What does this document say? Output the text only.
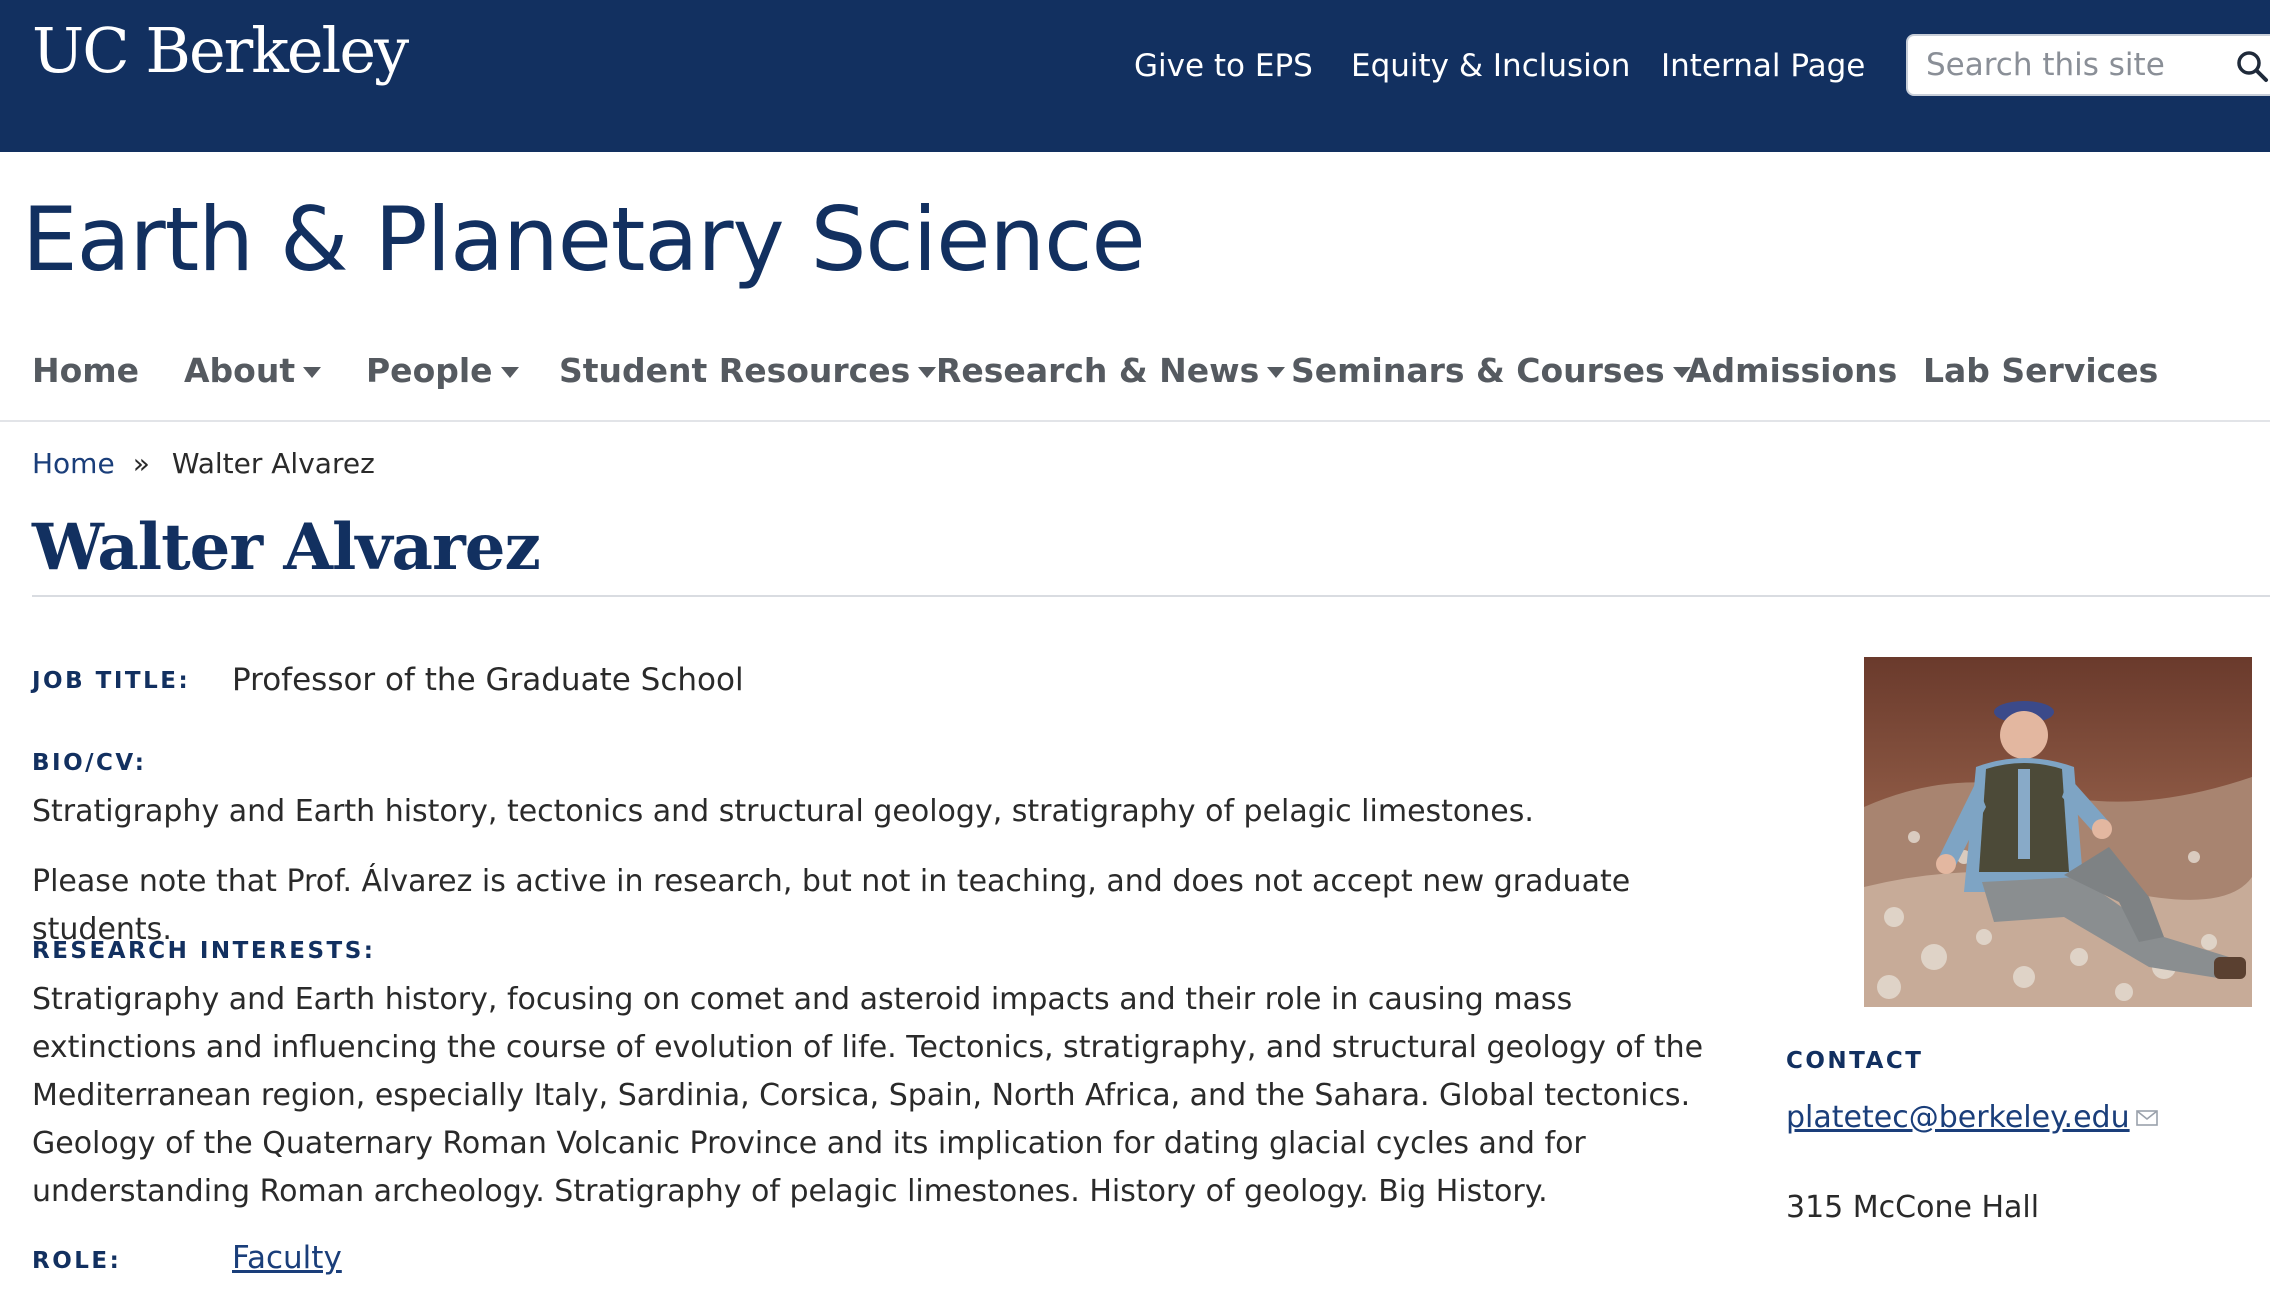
UC Berkeley	Give to EPS Equity & Inclusion Internal Page
Search this site
Earth & Planetary Science
Home About People Student Resources Research & News Seminars & Courses Admissions Lab Services
Home » Walter Alvarez
Walter Alvarez
JOB TITLE: Professor of the Graduate School
BIO/CV:

Stratigraphy and Earth history, tectonics and structural geology, stratigraphy of pelagic limestones.

Please note that Prof. Álvarez is active in research, but not in teaching, and does not accept new graduate students.

RESEARCH INTERESTS:

Stratigraphy and Earth history, focusing on comet and asteroid impacts and their role in causing mass extinctions and influencing the course of evolution of life. Tectonics, stratigraphy, and structural geology of the Mediterranean region, especially Italy, Sardinia, Corsica, Spain, North Africa, and the Sahara. Global tectonics. Geology of the Quaternary Roman Volcanic Province and its implication for dating glacial cycles and for understanding Roman archeology. Stratigraphy of pelagic limestones. History of geology. Big History.

ROLE:	Faculty
CONTACT
platetec@berkeley.edu
315 McCone Hall
